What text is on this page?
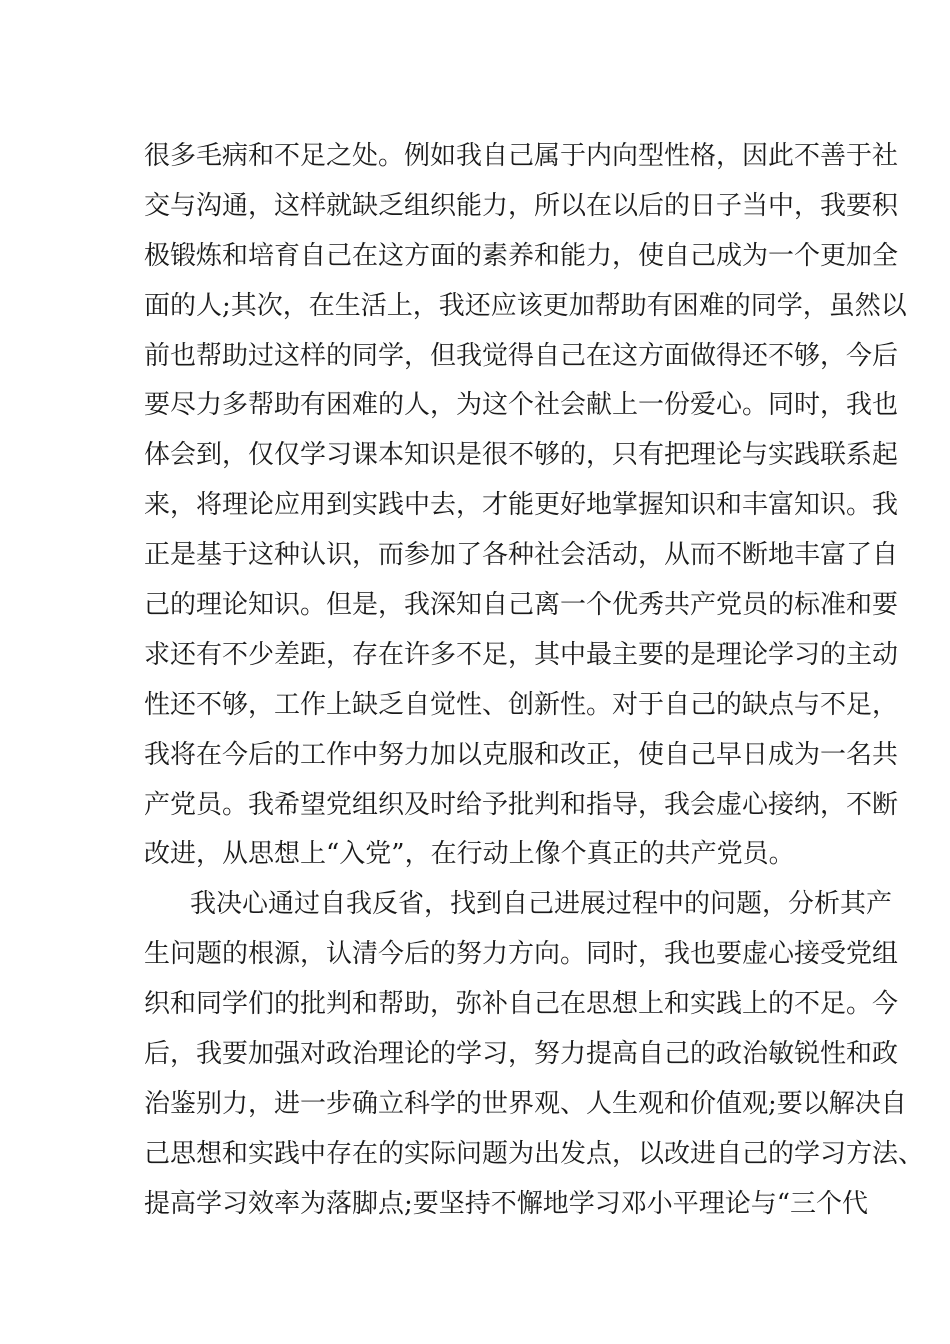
很多毛病和不足之处。例如我自己属于内向型性格，因此不善于社
交与沟通，这样就缺乏组织能力，所以在以后的日子当中，我要积
极锻炼和培育自己在这方面的素养和能力，使自己成为一个更加全
面的人;其次，在生活上，我还应该更加帮助有困难的同学，虽然以
前也帮助过这样的同学，但我觉得自己在这方面做得还不够，今后
要尽力多帮助有困难的人，为这个社会献上一份爱心。同时，我也
体会到，仅仅学习课本知识是很不够的，只有把理论与实践联系起
来，将理论应用到实践中去，才能更好地掌握知识和丰富知识。我
正是基于这种认识，而参加了各种社会活动，从而不断地丰富了自
己的理论知识。但是，我深知自己离一个优秀共产党员的标准和要
求还有不少差距，存在许多不足，其中最主要的是理论学习的主动
性还不够，工作上缺乏自觉性、创新性。对于自己的缺点与不足，
我将在今后的工作中努力加以克服和改正，使自己早日成为一名共
产党员。我希望党组织及时给予批判和指导，我会虚心接纳，不断
改进，从思想上“入党”，在行动上像个真正的共产党员。
我决心通过自我反省，找到自己进展过程中的问题，分析其产
生问题的根源，认清今后的努力方向。同时，我也要虚心接受党组
织和同学们的批判和帮助，弥补自己在思想上和实践上的不足。今
后，我要加强对政治理论的学习，努力提高自己的政治敏锐性和政
治鉴别力，进一步确立科学的世界观、人生观和价值观;要以解决自
己思想和实践中存在的实际问题为出发点，以改进自己的学习方法、
提高学习效率为落脚点;要坚持不懈地学习邓小平理论与“三个代
